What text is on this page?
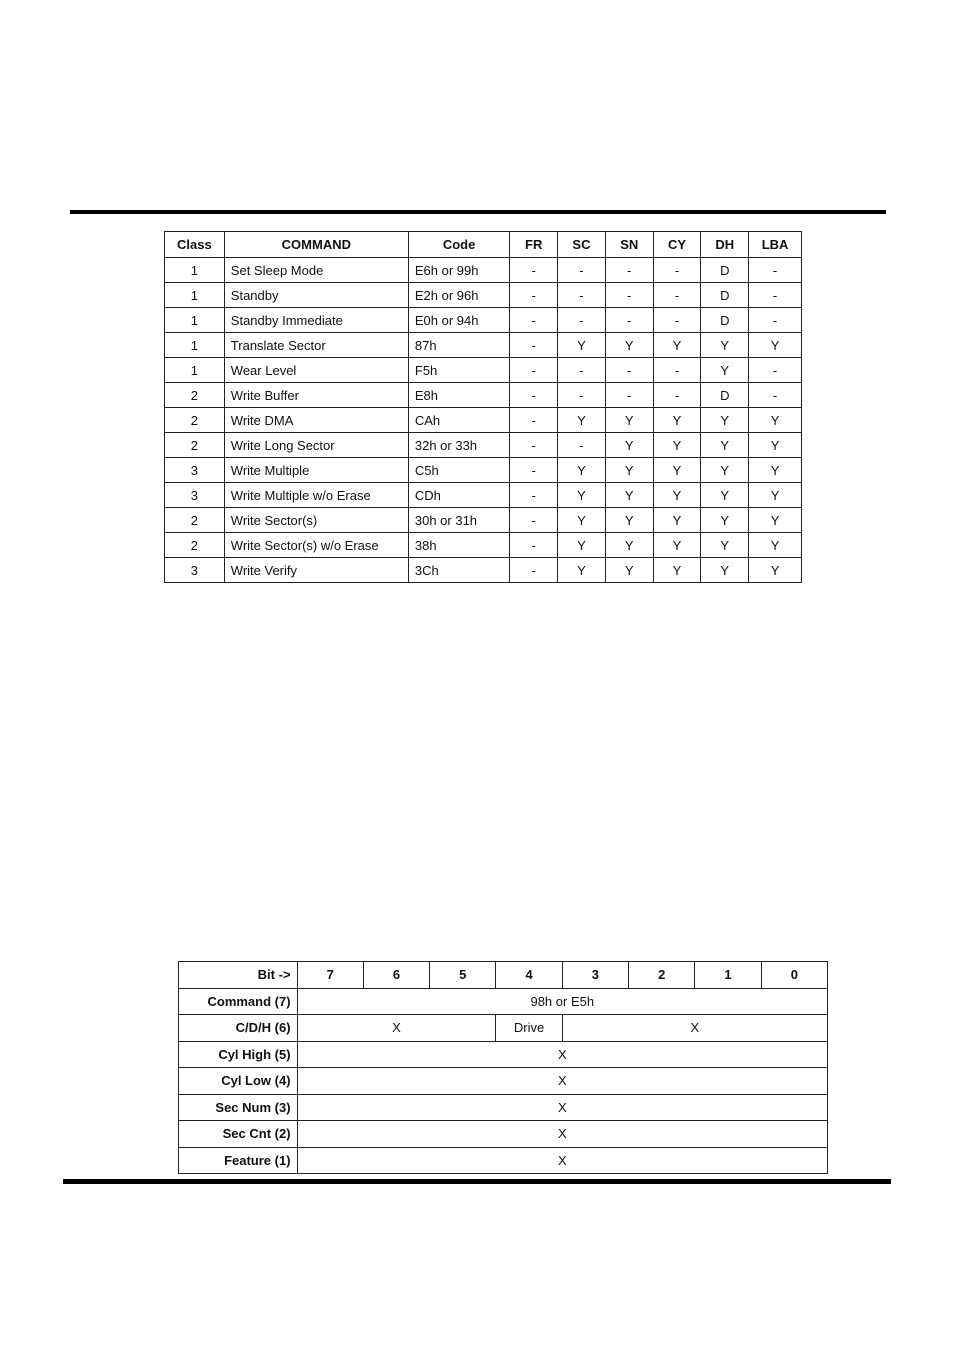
Class	COMMAND	Code	FR	SC	SN	CY	DH	LBA
1	Set Sleep Mode	E6h or 99h	-	-	-	-	D	-
1	Standby	E2h or 96h	-	-	-	-	D	-
1	Standby Immediate	E0h or 94h	-	-	-	-	D	-
1	Translate Sector	87h	-	Y	Y	Y	Y	Y
1	Wear Level	F5h	-	-	-	-	Y	-
2	Write Buffer	E8h	-	-	-	-	D	-
2	Write DMA	CAh	-	Y	Y	Y	Y	Y
2	Write Long Sector	32h or 33h	-	-	Y	Y	Y	Y
3	Write Multiple	C5h	-	Y	Y	Y	Y	Y
3	Write Multiple w/o Erase	CDh	-	Y	Y	Y	Y	Y
2	Write Sector(s)	30h or 31h	-	Y	Y	Y	Y	Y
2	Write Sector(s) w/o Erase	38h	-	Y	Y	Y	Y	Y
3	Write Verify	3Ch	-	Y	Y	Y	Y	Y
Bit ->	7	6	5	4	3	2	1	0
Command (7)	98h or E5h							
C/D/H (6)	X			Drive	X			
Cyl High (5)	X							
Cyl Low (4)	X							
Sec Num (3)	X							
Sec Cnt (2)	X							
Feature (1)	X							
